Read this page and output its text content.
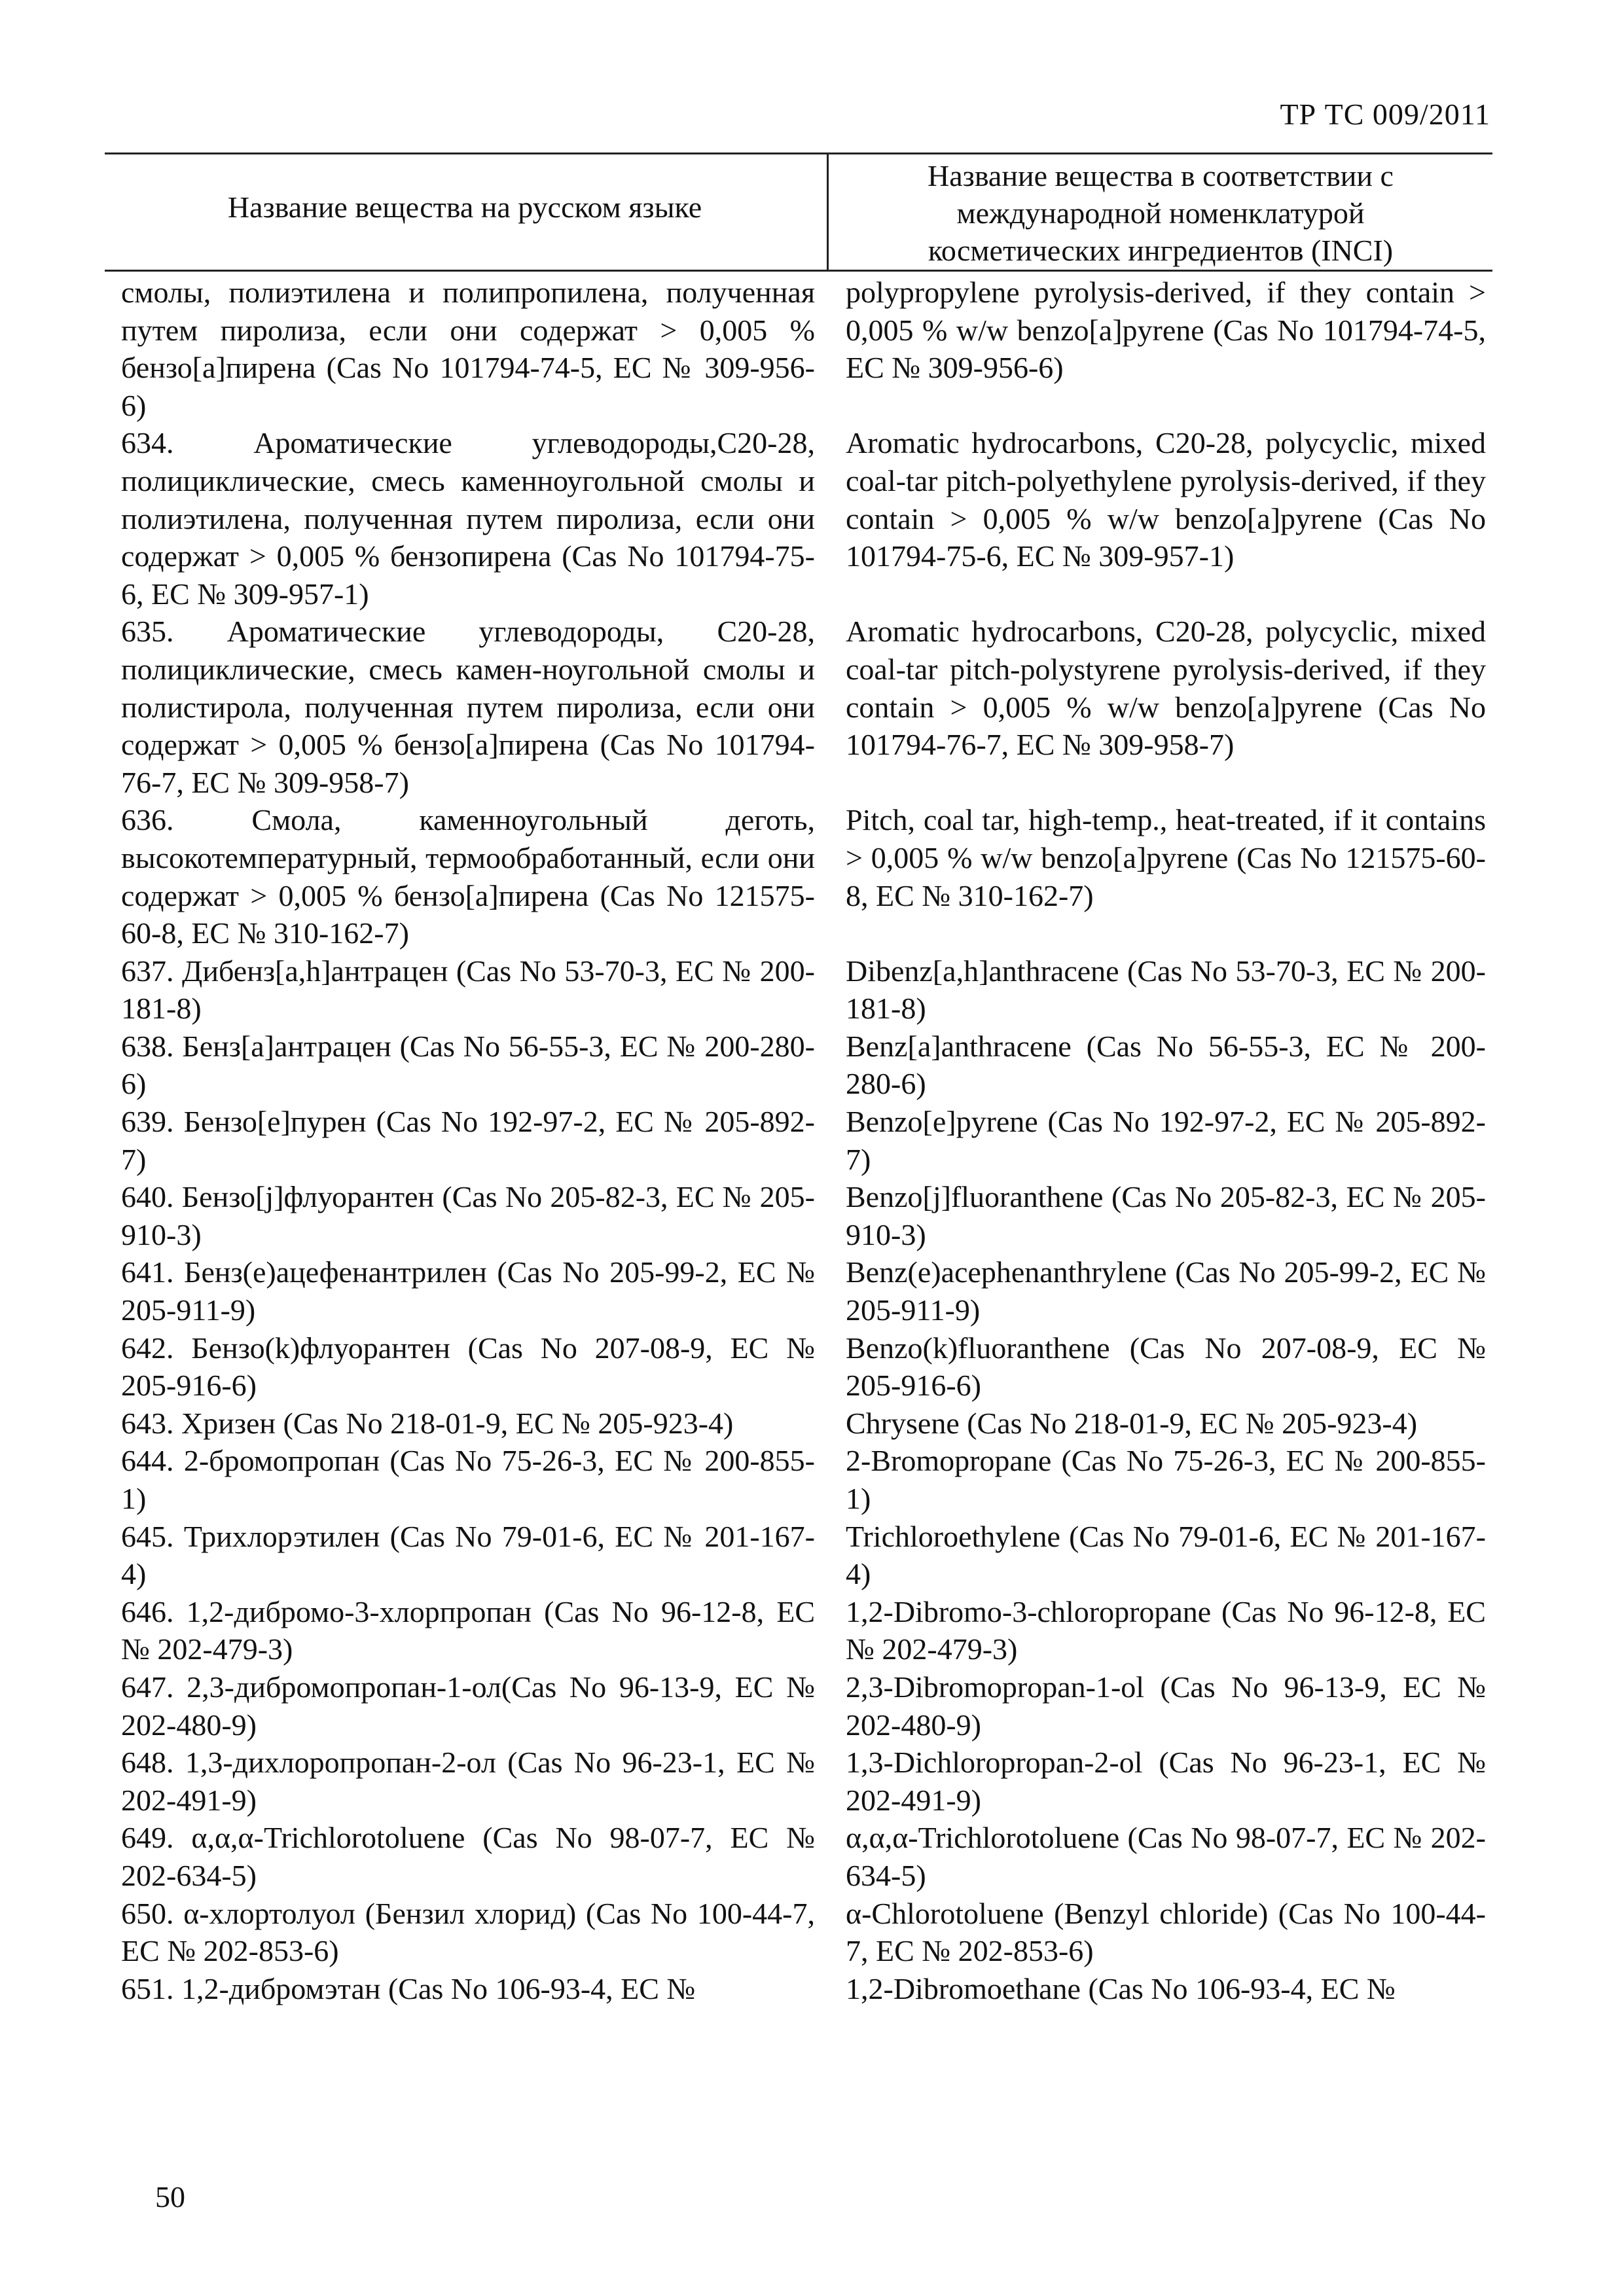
ТР ТС 009/2011
Название вещества на русском языке
Название вещества в соответствии с
международной номенклатурой
косметических ингредиентов (INCI)
смолы, полиэтилена и полипропилена, полученная путем пиролиза, если они содержат > 0,005 % бензо[а]пирена (Cas No 101794-74-5, ЕС № 309-956-6)
polypropylene pyrolysis-derived, if they contain > 0,005 % w/w benzo[a]pyrene (Cas No 101794-74-5, EC № 309-956-6)
634. Ароматические углеводороды,C20-28, полициклические, смесь каменноугольной смолы и полиэтилена, полученная путем пиролиза, если они содержат > 0,005 % бензопирена (Cas No 101794-75-6, ЕС № 309-957-1)
Aromatic hydrocarbons, C20-28, polycyclic, mixed coal-tar pitch-polyethylene pyrolysis-derived, if they contain > 0,005 % w/w benzo[a]pyrene (Cas No 101794-75-6, EC № 309-957-1)
635. Ароматические углеводороды, C20-28, полициклические, смесь камен-ноугольной смолы и полистирола, полученная путем пиролиза, если они содержат > 0,005 % бензо[а]пирена (Cas No 101794-76-7, ЕС № 309-958-7)
Aromatic hydrocarbons, C20-28, polycyclic, mixed coal-tar pitch-polystyrene pyrolysis-derived, if they contain > 0,005 % w/w benzo[a]pyrene (Cas No 101794-76-7, EC № 309-958-7)
636. Смола, каменноугольный деготь, высокотемпературный, термообработанный, если они содержат > 0,005 % бензо[а]пирена (Cas No 121575-60-8, ЕС № 310-162-7)
Pitch, coal tar, high-temp., heat-treated, if it contains > 0,005 % w/w benzo[a]pyrene (Cas No 121575-60-8, EC № 310-162-7)
637. Дибенз[a,h]антрацен (Cas No 53-70-3, ЕС № 200-181-8)
Dibenz[a,h]anthracene (Cas No 53-70-3, EC № 200-181-8)
638. Бенз[a]антрацен (Cas No 56-55-3, ЕС № 200-280-6)
Benz[a]anthracene (Cas No 56-55-3, EC № 200-280-6)
639. Бензо[e]пурен (Cas No 192-97-2, ЕС № 205-892-7)
Benzo[e]pyrene (Cas No 192-97-2, EC № 205-892-7)
640. Бензо[j]флуорантен (Cas No 205-82-3, ЕС № 205-910-3)
Benzo[j]fluoranthene (Cas No 205-82-3, EC № 205-910-3)
641. Бенз(e)ацефенантрилен (Cas No 205-99-2, ЕС № 205-911-9)
Benz(e)acephenanthrylene (Cas No 205-99-2, EC № 205-911-9)
642. Бензо(k)флуорантен (Cas No 207-08-9, ЕС № 205-916-6)
Benzo(k)fluoranthene (Cas No 207-08-9, EC № 205-916-6)
643. Хризен (Cas No 218-01-9, ЕС № 205-923-4)	Chrysene (Cas No 218-01-9, EC № 205-923-4)
644. 2-бромопропан (Cas No 75-26-3, ЕС № 200-855-1)
2-Bromopropane (Cas No 75-26-3, EC № 200-855-1)
645. Трихлорэтилен (Cas No 79-01-6, ЕС № 201-167-4)
Trichloroethylene (Cas No 79-01-6, EC № 201-167-4)
646. 1,2-дибромо-3-хлорпропан (Cas No 96-12-8, ЕС № 202-479-3)
1,2-Dibromo-3-chloropropane (Cas No 96-12-8, EC № 202-479-3)
647. 2,3-дибромопропан-1-ол(Cas No 96-13-9, ЕС № 202-480-9)
2,3-Dibromopropan-1-ol (Cas No 96-13-9, EC № 202-480-9)
648. 1,3-дихлоропропан-2-ол (Cas No 96-23-1, ЕС № 202-491-9)
1,3-Dichloropropan-2-ol (Cas No 96-23-1, EC № 202-491-9)
649. α,α,α-Trichlorotoluene (Cas No 98-07-7, ЕС № 202-634-5)
α,α,α-Trichlorotoluene (Cas No 98-07-7, EC № 202-634-5)
650. α-хлортолуол (Бензил хлорид) (Cas No 100-44-7, ЕС № 202-853-6)
α-Chlorotoluene (Benzyl chloride) (Cas No 100-44-7, EC № 202-853-6)
651. 1,2-дибромэтан (Cas No 106-93-4, ЕС №	1,2-Dibromoethane (Cas No 106-93-4, EC №
50
